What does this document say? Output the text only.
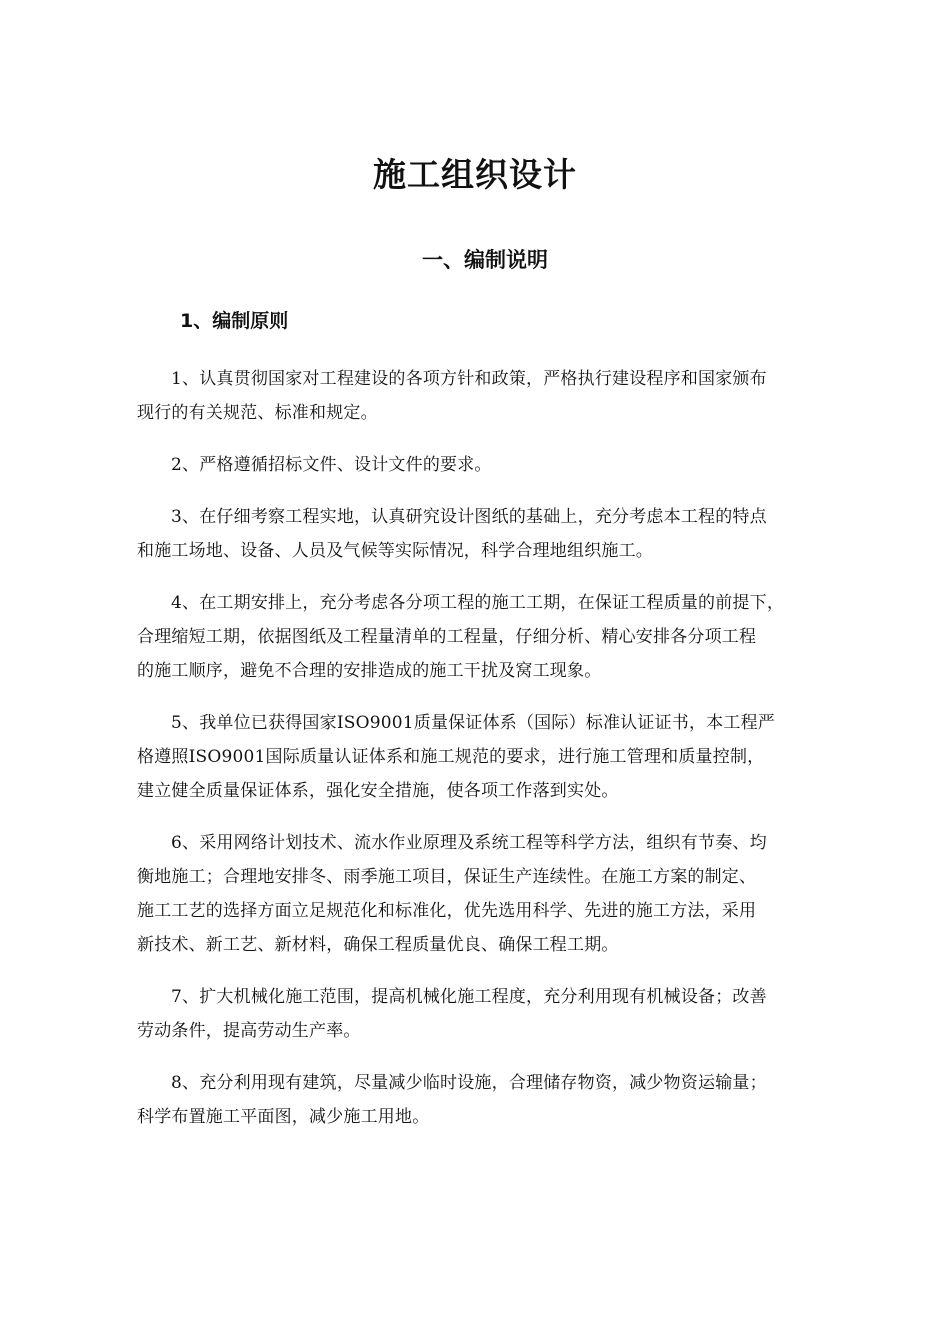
施工组织设计
一、编制说明
1、编制原则

1、认真贯彻国家对工程建设的各项方针和政策，严格执行建设程序和国家颁布
现行的有关规范、标准和规定。

2、严格遵循招标文件、设计文件的要求。

3、在仔细考察工程实地，认真研究设计图纸的基础上，充分考虑本工程的特点
和施工场地、设备、人员及气候等实际情况，科学合理地组织施工。

4、在工期安排上，充分考虑各分项工程的施工工期，在保证工程质量的前提下，
合理缩短工期，依据图纸及工程量清单的工程量，仔细分析、精心安排各分项工程
的施工顺序，避免不合理的安排造成的施工干扰及窝工现象。

5、我单位已获得国家ISO9001质量保证体系（国际）标准认证证书，本工程严
格遵照ISO9001国际质量认证体系和施工规范的要求，进行施工管理和质量控制，
建立健全质量保证体系，强化安全措施，使各项工作落到实处。

6、采用网络计划技术、流水作业原理及系统工程等科学方法，组织有节奏、均
衡地施工；合理地安排冬、雨季施工项目，保证生产连续性。在施工方案的制定、
施工工艺的选择方面立足规范化和标准化，优先选用科学、先进的施工方法，采用
新技术、新工艺、新材料，确保工程质量优良、确保工程工期。

7、扩大机械化施工范围，提高机械化施工程度，充分利用现有机械设备；改善
劳动条件，提高劳动生产率。

8、充分利用现有建筑，尽量减少临时设施，合理储存物资，减少物资运输量；
科学布置施工平面图，减少施工用地。
